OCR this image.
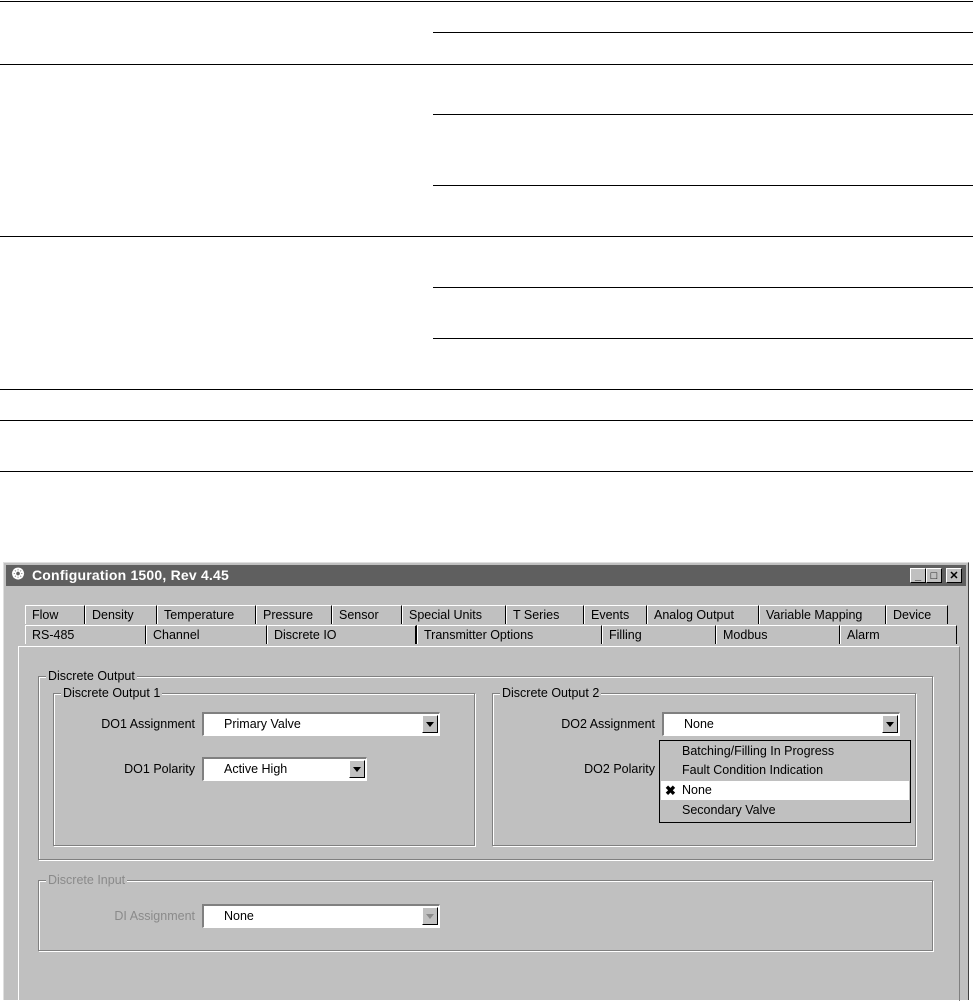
❂ Configuration 1500, Rev 4.45	_ □	✕
Flow	Density	Temperature	Pressure	Sensor	Special Units	T Series	Events	Analog Output	Variable Mapping	Device
RS-485	Channel	Discrete IO	Transmitter Options	Filling	Modbus	Alarm
Discrete Output
Discrete Output 1
DO1 Assignment Primary Valve
DO1 Polarity Active High
Discrete Output 2
DO2 Assignment None
DO2 Polarity
Batching/Filling In Progress
Fault Condition Indication
✖ None
Secondary Valve
Discrete Input
DI Assignment None
